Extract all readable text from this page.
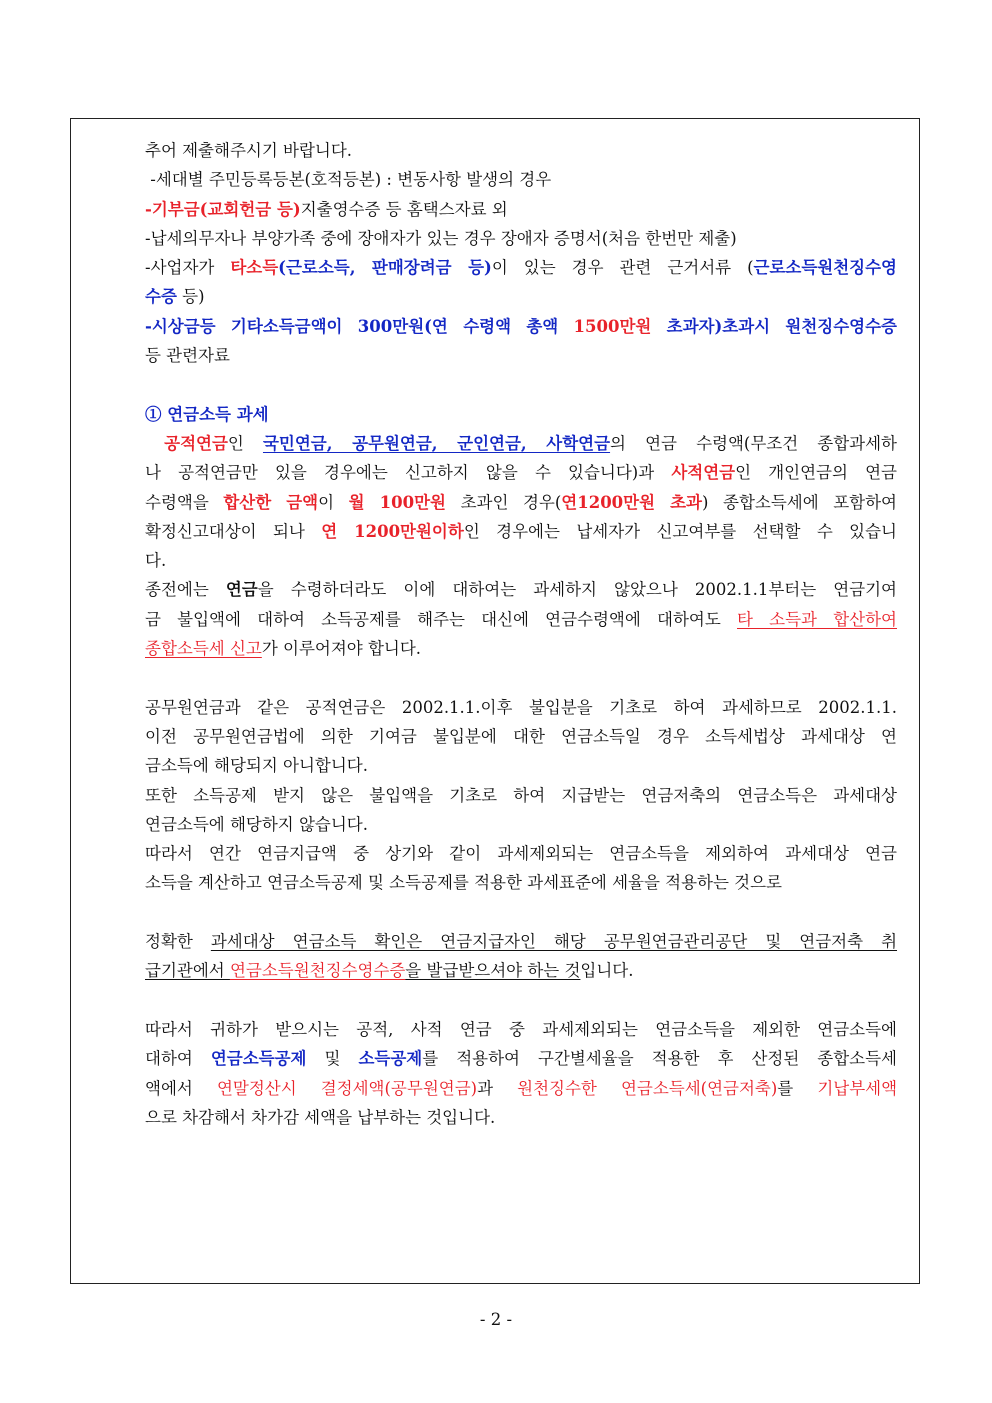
추어 제출해주시기 바랍니다.
-세대별 주민등록등본(호적등본) : 변동사항 발생의 경우
-기부금(교회헌금 등)지출영수증 등 홈택스자료 외
-납세의무자나 부양가족 중에 장애자가 있는 경우 장애자 증명서(처음 한번만 제출)
-사업자가 타소득(근로소득, 판매장려금 등)이 있는 경우 관련 근거서류 (근로소득원천징수영
수증 등)
-시상금등 기타소득금액이 300만원(연 수령액 총액 1500만원 초과자)초과시 원천징수영수증
등 관련자료
① 연금소득 과세
공적연금인 국민연금, 공무원연금, 군인연금, 사학연금의 연금 수령액(무조건 종합과세하
나 공적연금만 있을 경우에는 신고하지 않을 수 있습니다)과 사적연금인 개인연금의 연금
수령액을 합산한 금액이 월 100만원 초과인 경우(연1200만원 초과) 종합소득세에 포함하여
확정신고대상이 되나 연 1200만원이하인 경우에는 납세자가 신고여부를 선택할 수 있습니
다.
종전에는 연금을 수령하더라도 이에 대하여는 과세하지 않았으나 2002.1.1부터는 연금기여
금 불입액에 대하여 소득공제를 해주는 대신에 연금수령액에 대하여도 타 소득과 합산하여
종합소득세 신고가 이루어져야 합니다.
공무원연금과 같은 공적연금은 2002.1.1.이후 불입분을 기초로 하여 과세하므로 2002.1.1.
이전 공무원연금법에 의한 기여금 불입분에 대한 연금소득일 경우 소득세법상 과세대상 연
금소득에 해당되지 아니합니다.
또한 소득공제 받지 않은 불입액을 기초로 하여 지급받는 연금저축의 연금소득은 과세대상
연금소득에 해당하지 않습니다.
따라서 연간 연금지급액 중 상기와 같이 과세제외되는 연금소득을 제외하여 과세대상 연금
소득을 계산하고 연금소득공제 및 소득공제를 적용한 과세표준에 세율을 적용하는 것으로
정확한 과세대상 연금소득 확인은 연금지급자인 해당 공무원연금관리공단 및 연금저축 취
급기관에서 연금소득원천징수영수증을 발급받으셔야 하는 것입니다.
따라서 귀하가 받으시는 공적, 사적 연금 중 과세제외되는 연금소득을 제외한 연금소득에
대하여 연금소득공제 및 소득공제를 적용하여 구간별세율을 적용한 후 산정된 종합소득세
액에서 연말정산시 결정세액(공무원연금)과 원천징수한 연금소득세(연금저축)를 기납부세액
으로 차감해서 차가감 세액을 납부하는 것입니다.
- 2 -
